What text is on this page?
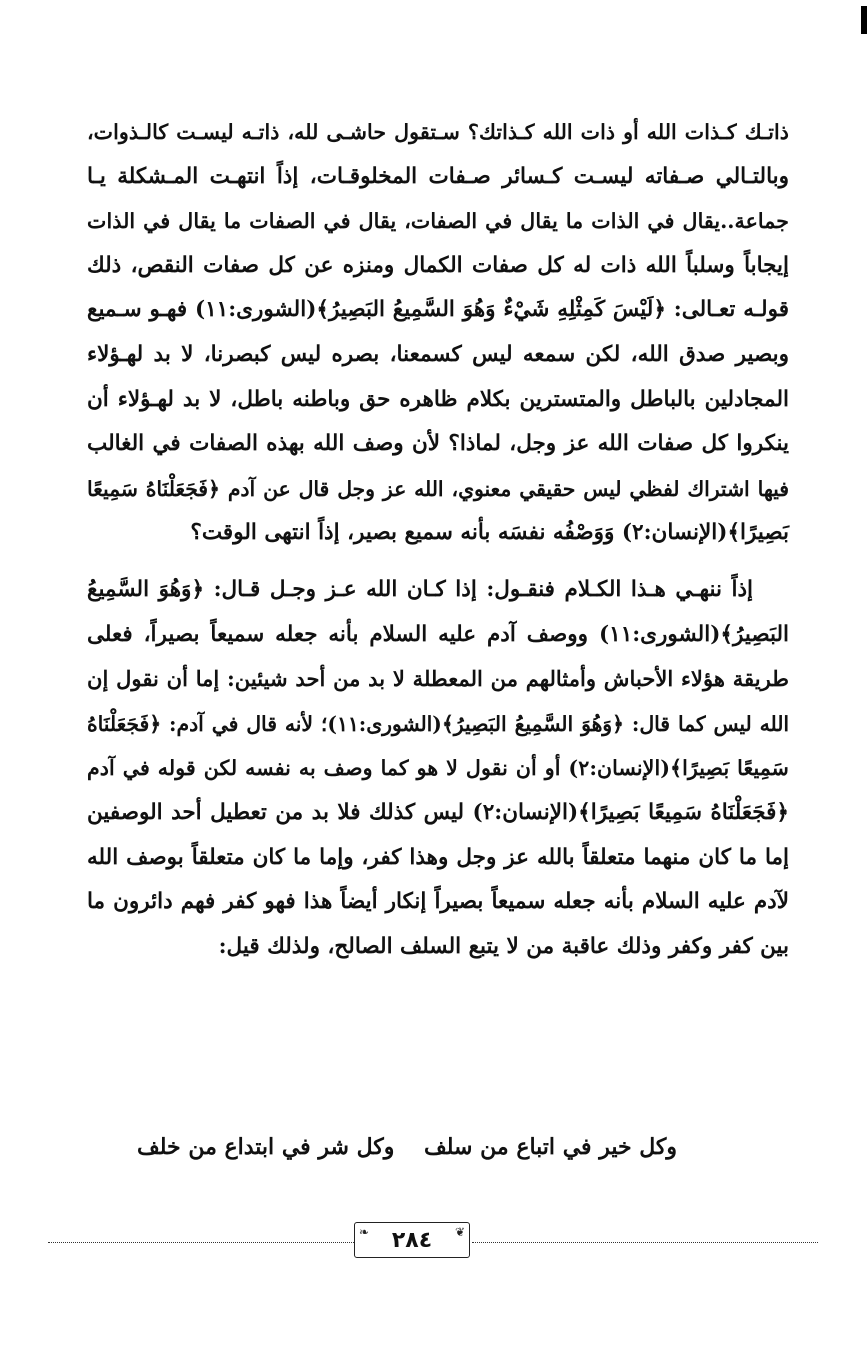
ذاتـك كـذات الله أو ذات الله كـذاتك؟ سـتقول حاشـى لله، ذاتـه ليسـت كالـذوات،
وبالتـالي صـفاته ليسـت كـسائر صـفات المخلوقـات، إذاً انتهـت المـشكلة يـا
جماعة..يقال في الذات ما يقال في الصفات، يقال في الصفات ما يقال في الذات
إيجاباً وسلباً الله ذات له كل صفات الكمال ومنزه عن كل صفات النقص، ذلك
قولـه تعـالى: ﴿لَيْسَ كَمِثْلِهِ شَيْءٌ وَهُوَ السَّمِيعُ البَصِيرُ﴾(الشورى:١١) فهـو سـميع
وبصير صدق الله، لكن سمعه ليس كسمعنا، بصره ليس كبصرنا، لا بد لهـؤلاء
المجادلين بالباطل والمتسترين بكلام ظاهره حق وباطنه باطل، لا بد لهـؤلاء أن
ينكروا كل صفات الله عز وجل، لماذا؟ لأن وصف الله بهذه الصفات في الغالب
فيها اشتراك لفظي ليس حقيقي معنوي، الله عز وجل قال عن آدم ﴿فَجَعَلْنَاهُ سَمِيعًا
بَصِيرًا﴾(الإنسان:٢) وَوَصْفُه نفسَه بأنه سميع بصير، إذاً انتهى الوقت؟

إذاً ننهـي هـذا الكـلام فنقـول: إذا كـان الله عـز وجـل قـال: ﴿وَهُوَ السَّمِيعُ
البَصِيرُ﴾(الشورى:١١) ووصف آدم عليه السلام بأنه جعله سميعاً بصيراً، فعلى
طريقة هؤلاء الأحباش وأمثالهم من المعطلة لا بد من أحد شيئين: إما أن نقول إن
الله ليس كما قال: ﴿وَهُوَ السَّمِيعُ البَصِيرُ﴾(الشورى:١١)؛ لأنه قال في آدم: ﴿فَجَعَلْنَاهُ
سَمِيعًا بَصِيرًا﴾(الإنسان:٢) أو أن نقول لا هو كما وصف به نفسه لكن قوله في آدم
﴿فَجَعَلْنَاهُ سَمِيعًا بَصِيرًا﴾(الإنسان:٢) ليس كذلك فلا بد من تعطيل أحد الوصفين
إما ما كان منهما متعلقاً بالله عز وجل وهذا كفر، وإما ما كان متعلقاً بوصف الله
لآدم عليه السلام بأنه جعله سميعاً بصيراً إنكار أيضاً هذا فهو كفر فهم دائرون ما
بين كفر وكفر وذلك عاقبة من لا يتبع السلف الصالح، ولذلك قيل:

وكل خير في اتباع من سلف
وكل شر في ابتداع من خلف
❦
٢٨٤
❧
